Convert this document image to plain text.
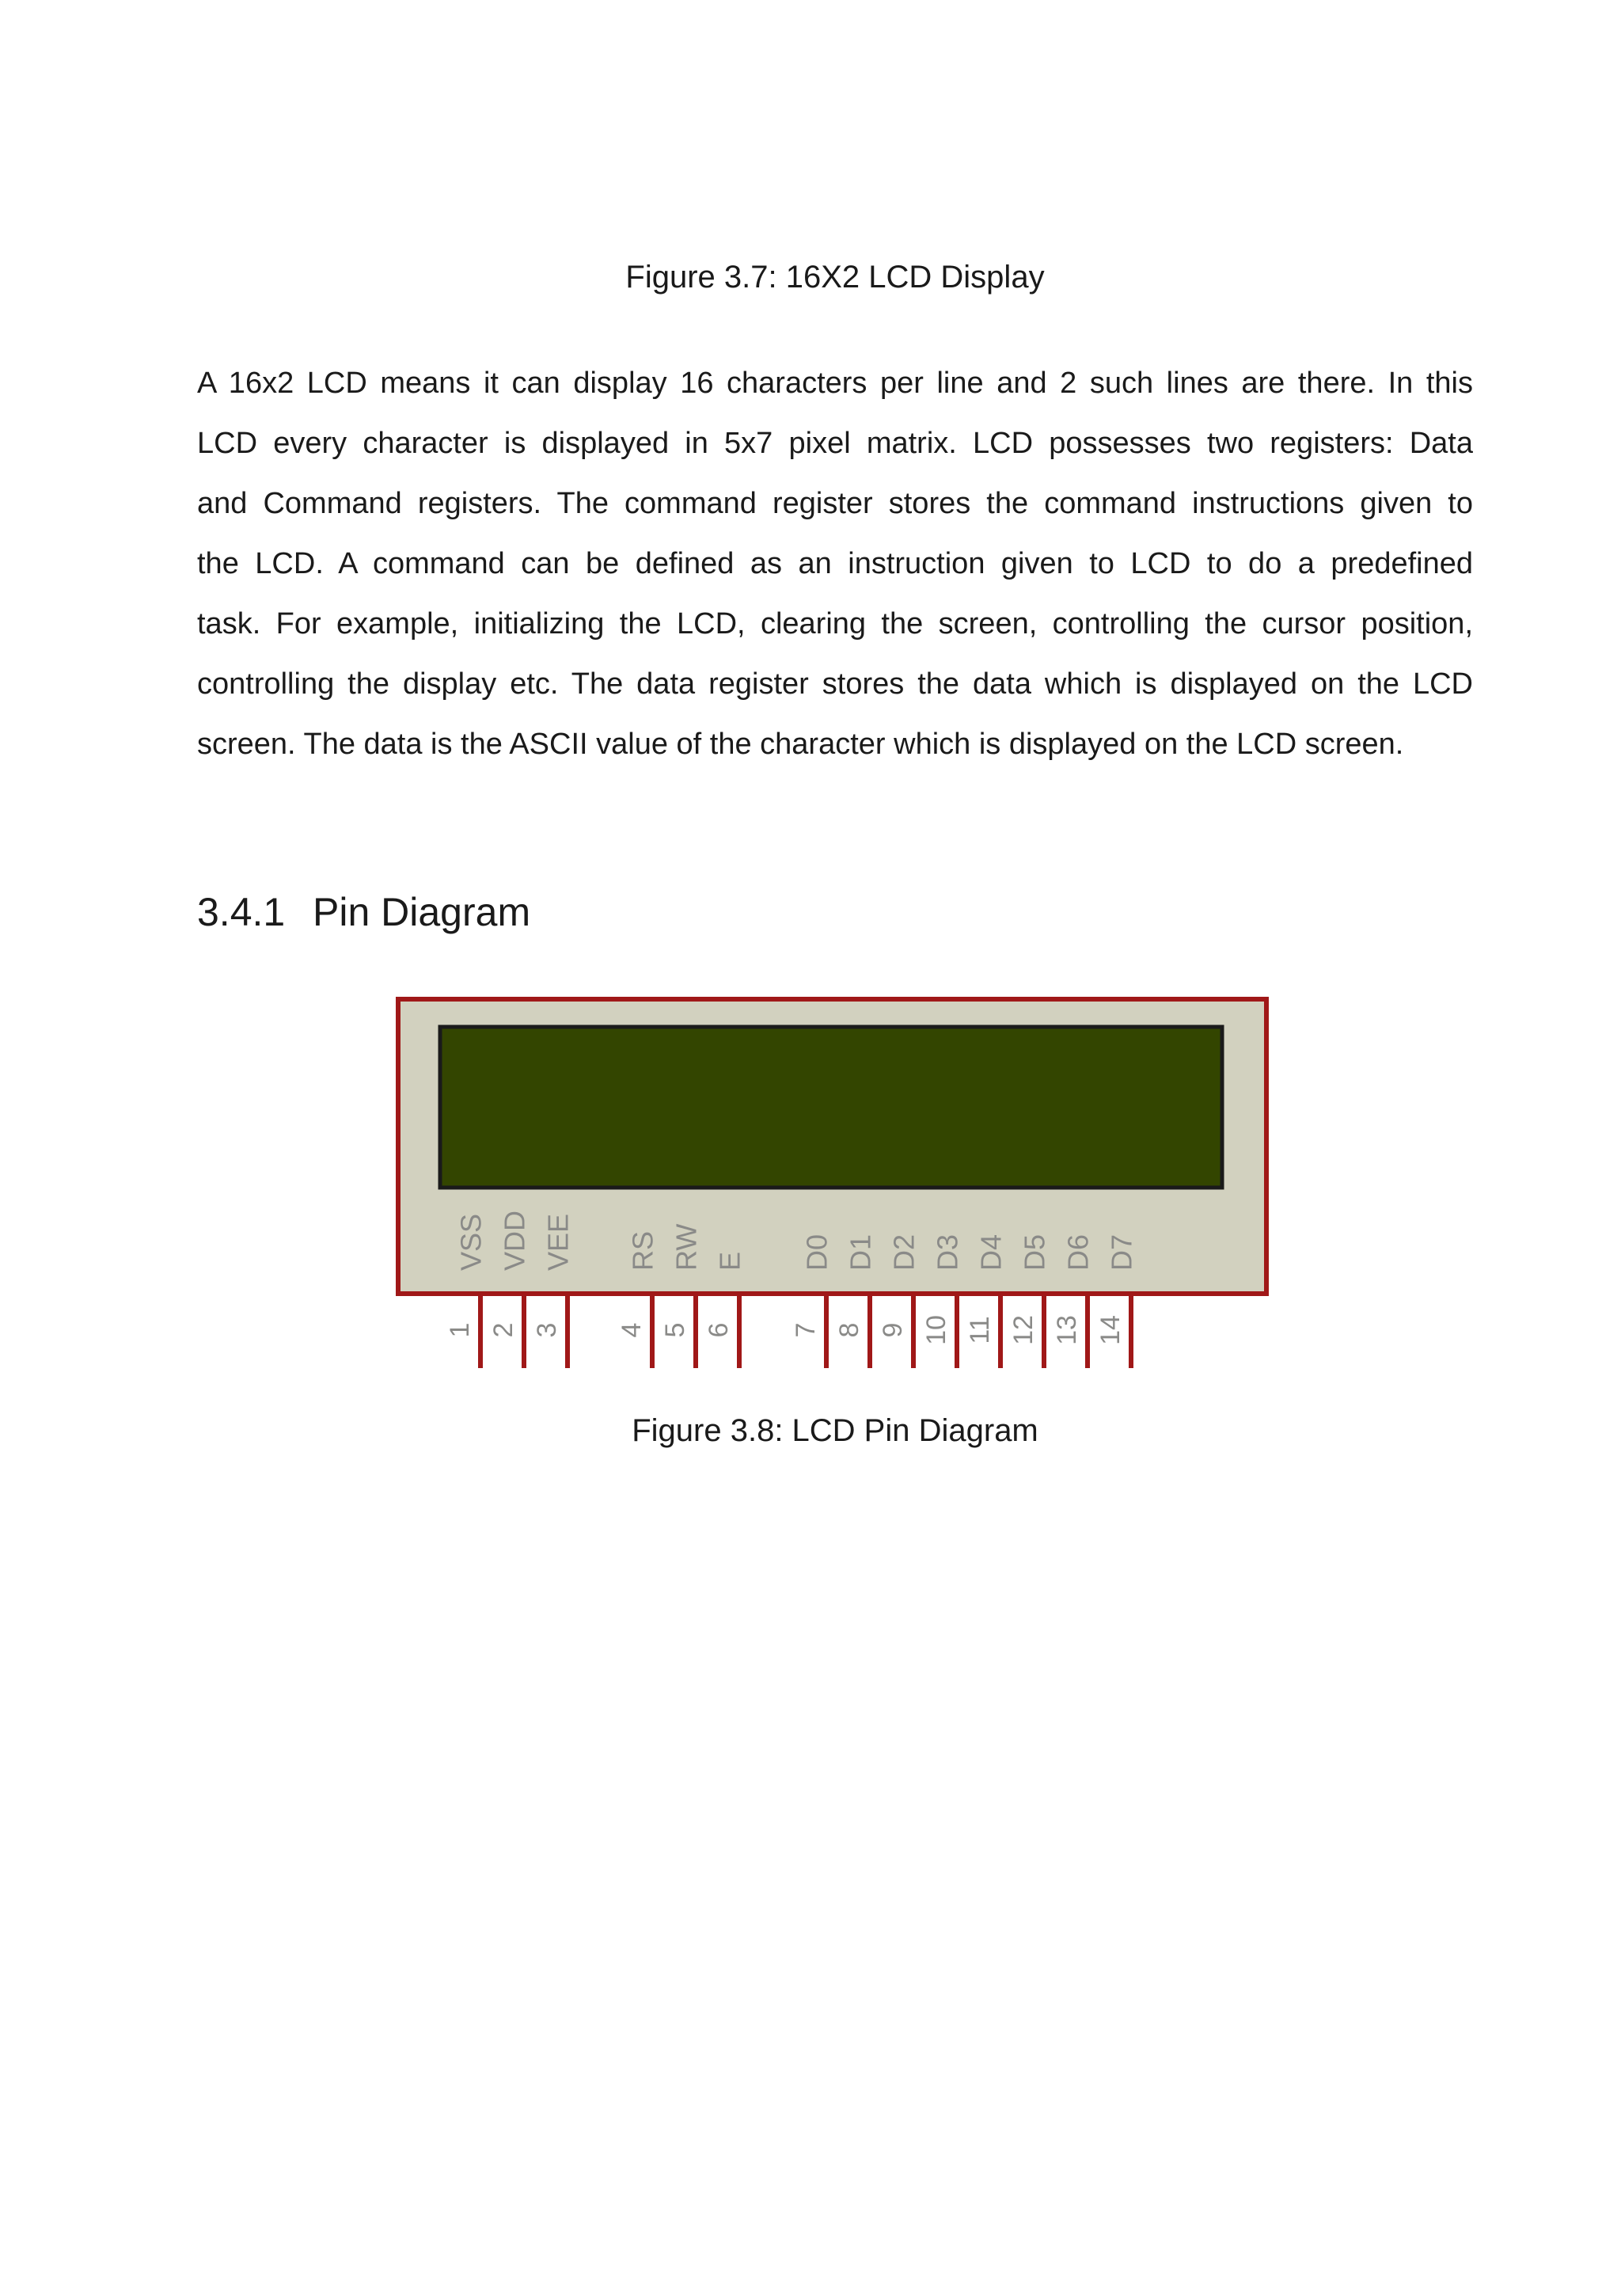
Figure 3.7: 16X2 LCD Display
A 16x2 LCD means it can display 16 characters per line and 2 such lines are there. In this
LCD every character is displayed in 5x7 pixel matrix. LCD possesses two registers: Data
and Command registers. The command register stores the command instructions given to
the LCD. A command can be defined as an instruction given to LCD to do a predefined
task. For example, initializing the LCD, clearing the screen, controlling the cursor position,
controlling the display etc. The data register stores the data which is displayed on the LCD
screen. The data is the ASCII value of the character which is displayed on the LCD screen.
3.4.1 Pin Diagram
VSS
1
VDD
2
VEE
3
RS
4
RW
5
E
6
D0
7
D1
8
D2
9
D3
10
D4
11
D5
12
D6
13
D7
14
Figure 3.8: LCD Pin Diagram
